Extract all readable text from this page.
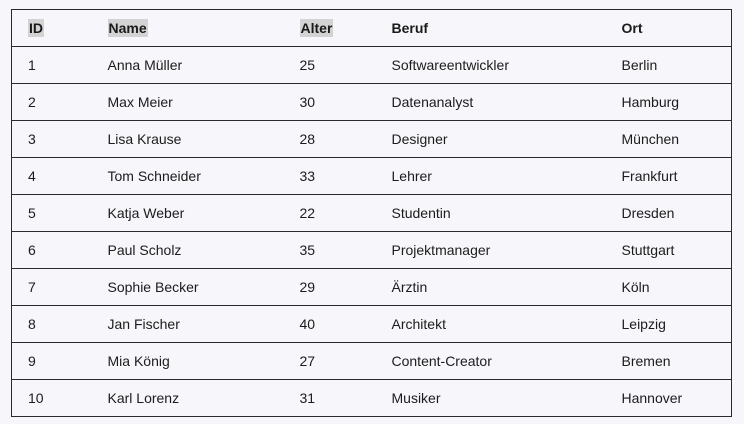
ID	Name	Alter	Beruf	Ort
1	Anna Müller	25	Softwareentwickler	Berlin
2	Max Meier	30	Datenanalyst	Hamburg
3	Lisa Krause	28	Designer	München
4	Tom Schneider	33	Lehrer	Frankfurt
5	Katja Weber	22	Studentin	Dresden
6	Paul Scholz	35	Projektmanager	Stuttgart
7	Sophie Becker	29	Ärztin	Köln
8	Jan Fischer	40	Architekt	Leipzig
9	Mia König	27	Content-Creator	Bremen
10	Karl Lorenz	31	Musiker	Hannover
